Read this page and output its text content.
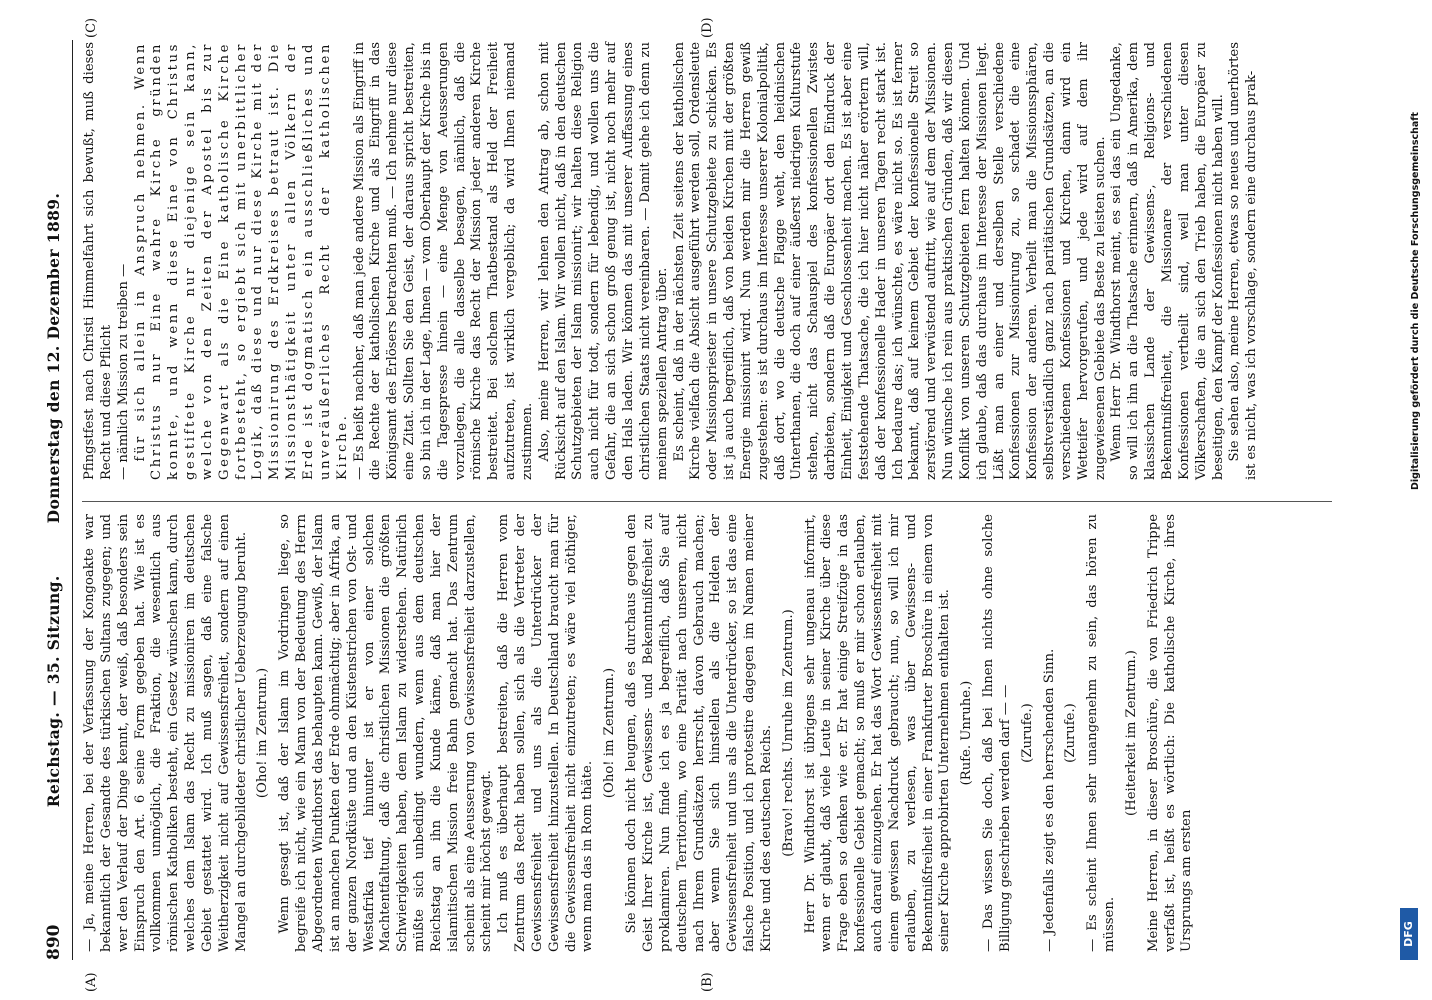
890
Reichstag. — 35. Sitzung.Donnerstag den 12. Dezember 1889.
(A)	(B)
(C)	(D)

— Ja, meine Herren, bei der Verfassung der Kongoakte war bekanntlich der Gesandte des türkischen Sultans zugegen; und wer den Verlauf der Dinge kennt, der weiß, daß besonders sein Einspruch den Art. 6 seine Form gegeben hat. Wie ist es vollkommen unmöglich, die Fraktion, die wesentlich aus römischen Katholiken besteht, ein Gesetz wünschen kann, durch welches dem Islam das Recht zu missioniren im deutschen Gebiet gestattet wird. Ich muß sagen, daß eine falsche Weitherzigkeit nicht auf Gewissensfreiheit, sondern auf einen Mangel an durchgebildeter christlicher Ueberzeugung beruht. (Oho! im Zentrum.) Wenn gesagt ist, daß der Islam im Vordringen liege, so begreife ich nicht, wie ein Mann von der Bedeutung des Herrn Abgeordneten Windthorst das behaupten kann. Gewiß, der Islam ist an manchen Punkten der Erde ohnmächtig; aber in Afrika, an der ganzen Nordküste und an den Küstenstrichen von Ost- und Westafrika tief hinunter ist er von einer solchen Machtentfaltung, daß die christlichen Missionen die größten Schwierigkeiten haben, dem Islam zu widerstehen. Natürlich müßte sich unbedingt wundern, wenn aus dem deutschen Reichstag an ihn die Kunde käme, daß man hier der islamitischen Mission freie Bahn gemacht hat. Das Zentrum scheint als eine Aeusserung von Gewissensfreiheit darzustellen, scheint mir höchst gewagt. Ich muß es überhaupt bestreiten, daß die Herren vom Zentrum das Recht haben sollen, sich als die Vertreter der Gewissensfreiheit und uns als die Unterdrücker der Gewissensfreiheit hinzustellen. In Deutschland braucht man für die Gewissensfreiheit nicht einzutreten; es wäre viel nöthiger, wenn man das in Rom thäte.

(Oho! im Zentrum.) Sie können doch nicht leugnen, daß es durchaus gegen den Geist Ihrer Kirche ist, Gewissens- und Bekenntnißfreiheit zu proklamiren. Nun finde ich es ja begreiflich, daß Sie auf deutschem Territorium, wo eine Parität nach unserem, nicht nach Ihrem Grundsätzen herrscht, davon Gebrauch machen; aber wenn Sie sich hinstellen als die Helden der Gewissensfreiheit und uns als die Unterdrücker, so ist das eine falsche Position, und ich protestire dagegen im Namen meiner Kirche und des deutschen Reichs. (Bravo! rechts. Unruhe im Zentrum.) Herr Dr. Windthorst ist übrigens sehr ungenau informirt, wenn er glaubt, daß viele Leute in seiner Kirche über diese Frage eben so denken wie er. Er hat einige Streifzüge in das konfessionelle Gebiet gemacht; so muß er mir schon erlauben, auch darauf einzugehen. Er hat das Wort Gewissensfreiheit mit einem gewissen Nachdruck gebraucht; nun, so will ich mir erlauben, zu verlesen, was über Gewissens- und Bekenntnißfreiheit in einer Frankfurter Broschüre in einem von seiner Kirche approbirten Unternehmen enthalten ist. (Rufe. Unruhe.) — Das wissen Sie doch, daß bei Ihnen nichts ohne solche Billigung geschrieben werden darf — — (Zurufe.) — Jedenfalls zeigt es den herrschenden Sinn. (Zurufe.) — Es scheint Ihnen sehr unangenehm zu sein, das hören zu müssen.

(Heiterkeit im Zentrum.) Meine Herren, in dieser Broschüre, die von Friedrich Trippe verfaßt ist, heißt es wörtlich: Die katholische Kirche, ihres Ursprungs am ersten

Pfingstfest nach Christi Himmelfahrt sich bewußt, muß dieses Recht und diese Pflicht — nämlich Mission zu treiben — für sich allein in Anspruch nehmen. Wenn Christus nur Eine wahre Kirche gründen konnte, und wenn diese Eine von Christus gestiftete Kirche nur diejenige sein kann, welche von den Zeiten der Apostel bis zur Gegenwart als die Eine katholische Kirche fortbesteht, so ergiebt sich mit unerbittlicher Logik, daß diese und nur diese Kirche mit der Missionirung des Erdkreises betraut ist. Die Missionsthätigkeit unter allen Völkern der Erde ist dogmatisch ein ausschließliches und unveräußerliches Recht der katholischen Kirche. — Es heißt nachher, daß man jede andere Mission als Eingriff in die Rechte der katholischen Kirche und als Eingriff in das Königsamt des Erlösers betrachten muß. — Ich nehme nur diese eine Zitat. Sollten Sie den Geist, der daraus spricht bestreiten, so bin ich in der Lage, Ihnen — vom Oberhaupt der Kirche bis in die Tagespresse hinein — eine Menge von Aeusserungen vorzulegen, die alle dasselbe besagen, nämlich, daß die römische Kirche das Recht der Mission jeder anderen Kirche bestreitet. Bei solchem Thatbestand als Held der Freiheit aufzutreten, ist wirklich vergeblich; da wird Ihnen niemand zustimmen. Also, meine Herren, wir lehnen den Antrag ab, schon mit Rücksicht auf den Islam. Wir wollen nicht, daß in den deutschen Schutzgebieten der Islam missionirt; wir halten diese Religion auch nicht für todt, sondern für lebendig, und wollen uns die Gefahr, die an sich schon groß genug ist, nicht noch mehr auf den Hals laden. Wir können das mit unserer Auffassung eines christlichen Staats nicht vereinbaren. — Damit gehe ich denn zu meinem speziellen Antrag über. Es scheint, daß in der nächsten Zeit seitens der katholischen Kirche vielfach die Absicht ausgeführt werden soll, Ordensleute oder Missionspriester in unsere Schutzgebiete zu schicken. Es ist ja auch begreiflich, daß von beiden Kirchen mit der größten Energie missionirt wird. Nun werden mir die Herren gewiß zugestehen: es ist durchaus im Interesse unserer Kolonialpolitik, daß dort, wo die deutsche Flagge weht, den heidnischen Unterthanen, die doch auf einer äußerst niedrigen Kulturstufe stehen, nicht das Schauspiel des konfessionellen Zwistes darbieten, sondern daß die Europäer dort den Eindruck der Einheit, Einigkeit und Geschlossenheit machen. Es ist aber eine feststehende Thatsache, die ich hier nicht näher erörtern will, daß der konfessionelle Hader in unseren Tagen recht stark ist. Ich bedaure das; ich wünschte, es wäre nicht so. Es ist ferner bekannt, daß auf keinem Gebiet der konfessionelle Streit so zerstörend und verwüstend auftritt, wie auf dem der Missionen. Nun wünsche ich rein aus praktischen Gründen, daß wir diesen Konflikt von unseren Schutzgebieten fern halten können. Und ich glaube, daß das durchaus im Interesse der Missionen liegt. Läßt man an einer und derselben Stelle verschiedene Konfessionen zur Missionirung zu, so schadet die eine Konfession der anderen. Verheilt man die Missionssphären, selbstverständlich ganz nach paritätischen Grundsätzen, an die verschiedenen Konfessionen und Kirchen, dann wird ein Wetteifer hervorgerufen, und jede wird auf dem ihr zugewiesenen Gebiete das Beste zu leisten suchen. Wenn Herr Dr. Windthorst meint, es sei das ein Ungedanke, so will ich ihn an die Thatsache erinnern, daß in Amerika, dem klassischen Lande der Gewissens-, Religions- und Bekenntnißfreiheit, die Missionare der verschiedenen Konfessionen vertheilt sind, weil man unter diesen Völkerschaften, die an sich den Trieb haben, die Europäer zu beseitigen, den Kampf der Konfessionen nicht haben will. Sie sehen also, meine Herren, etwas so neues und unerhörtes ist es nicht, was ich vorschlage, sondern eine durchaus prak-

DFG
Digitalisierung gefördert durch die Deutsche Forschungsgemeinschaft
